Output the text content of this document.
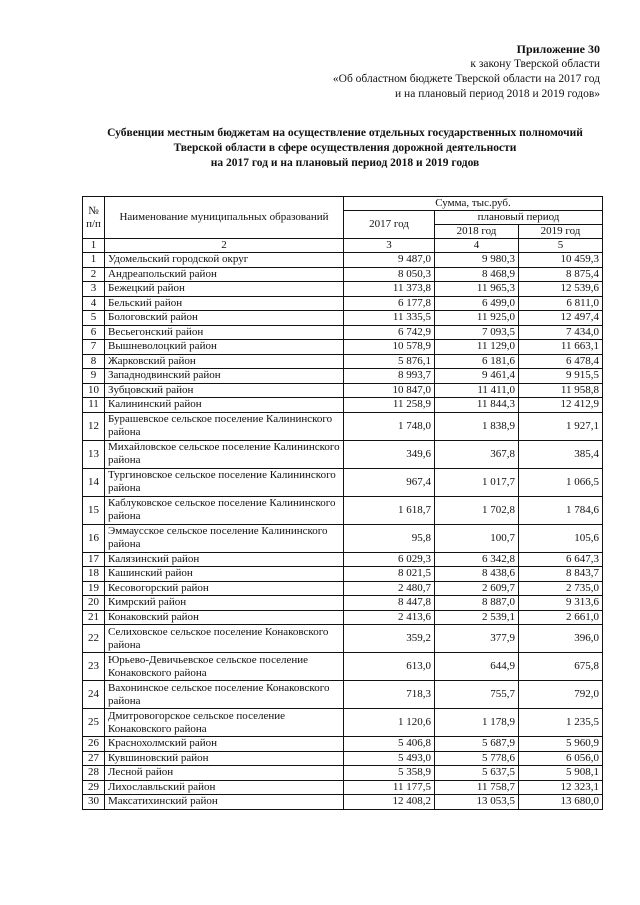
Приложение 30
к закону Тверской области
«Об областном бюджете Тверской области на 2017 год
и на плановый период 2018 и 2019 годов»
Субвенции местным бюджетам на осуществление отдельных государственных полномочий
Тверской области в сфере осуществления дорожной деятельности
на 2017 год и на плановый период 2018 и 2019 годов
№ п/п	Наименование муниципальных образований	Сумма, тыс.руб.		
		2017 год	плановый период	
			2018 год	2019 год
1	2	3	4	5
1	Удомельский городской округ	9 487,0	9 980,3	10 459,3
2	Андреапольский район	8 050,3	8 468,9	8 875,4
3	Бежецкий район	11 373,8	11 965,3	12 539,6
4	Бельский район	6 177,8	6 499,0	6 811,0
5	Бологовский район	11 335,5	11 925,0	12 497,4
6	Весьегонский район	6 742,9	7 093,5	7 434,0
7	Вышневолоцкий район	10 578,9	11 129,0	11 663,1
8	Жарковский район	5 876,1	6 181,6	6 478,4
9	Западнодвинский район	8 993,7	9 461,4	9 915,5
10	Зубцовский район	10 847,0	11 411,0	11 958,8
11	Калининский район	11 258,9	11 844,3	12 412,9
12	Бурашевское сельское поселение Калининского района	1 748,0	1 838,9	1 927,1
13	Михайловское сельское поселение Калининского района	349,6	367,8	385,4
14	Тургиновское сельское поселение Калининского района	967,4	1 017,7	1 066,5
15	Каблуковское сельское поселение Калининского района	1 618,7	1 702,8	1 784,6
16	Эммаусское сельское поселение Калининского района	95,8	100,7	105,6
17	Калязинский район	6 029,3	6 342,8	6 647,3
18	Кашинский район	8 021,5	8 438,6	8 843,7
19	Кесовогорский район	2 480,7	2 609,7	2 735,0
20	Кимрский район	8 447,8	8 887,0	9 313,6
21	Конаковский район	2 413,6	2 539,1	2 661,0
22	Селиховское сельское поселение Конаковского района	359,2	377,9	396,0
23	Юрьево-Девичьевское сельское поселение Конаковского района	613,0	644,9	675,8
24	Вахонинское сельское поселение Конаковского района	718,3	755,7	792,0
25	Дмитровогорское сельское поселение Конаковского района	1 120,6	1 178,9	1 235,5
26	Краснохолмский район	5 406,8	5 687,9	5 960,9
27	Кувшиновский район	5 493,0	5 778,6	6 056,0
28	Лесной район	5 358,9	5 637,5	5 908,1
29	Лихославльский район	11 177,5	11 758,7	12 323,1
30	Максатихинский район	12 408,2	13 053,5	13 680,0
